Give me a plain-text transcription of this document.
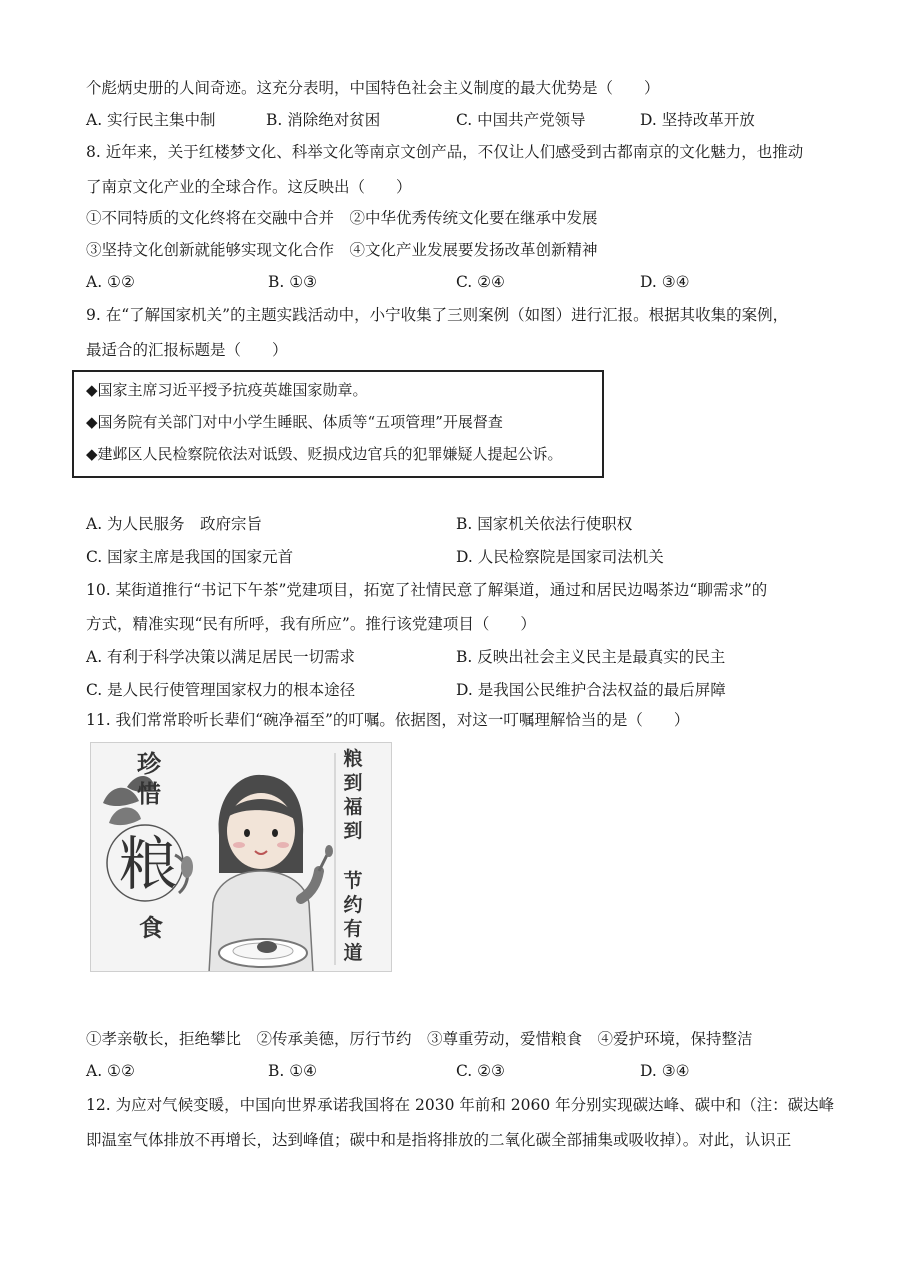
个彪炳史册的人间奇迹。这充分表明，中国特色社会主义制度的最大优势是（　　）
A. 实行民主集中制	B. 消除绝对贫困	C. 中国共产党领导	D. 坚持改革开放
8. 近年来，关于红楼梦文化、科举文化等南京文创产品，不仅让人们感受到古都南京的文化魅力，也推动
了南京文化产业的全球合作。这反映出（　　）
①不同特质的文化终将在交融中合并　②中华优秀传统文化要在继承中发展
③坚持文化创新就能够实现文化合作　④文化产业发展要发扬改革创新精神
A. ①②	B. ①③	C. ②④	D. ③④
9. 在“了解国家机关”的主题实践活动中，小宁收集了三则案例（如图）进行汇报。根据其收集的案例，
最适合的汇报标题是（　　）
◆国家主席习近平授予抗疫英雄国家勋章。
◆国务院有关部门对中小学生睡眠、体质等“五项管理”开展督查
◆建邺区人民检察院依法对诋毁、贬损戍边官兵的犯罪嫌疑人提起公诉。
A. 为人民服务　政府宗旨	B. 国家机关依法行使职权
C. 国家主席是我国的国家元首	D. 人民检察院是国家司法机关
10. 某街道推行“书记下午茶”党建项目，拓宽了社情民意了解渠道，通过和居民边喝茶边“聊需求”的
方式，精准实现“民有所呼，我有所应”。推行该党建项目（　　）
A. 有利于科学决策以满足居民一切需求	B. 反映出社会主义民主是最真实的民主
C. 是人民行使管理国家权力的根本途径	D. 是我国公民维护合法权益的最后屏障
11. 我们常常聆听长辈们“碗净福至”的叮嘱。依据图，对这一叮嘱理解恰当的是（　　）
珍
惜
粮
食
粮
到
福
到
节
约
有
道
①孝亲敬长，拒绝攀比　②传承美德，厉行节约　③尊重劳动，爱惜粮食　④爱护环境，保持整洁
A. ①②	B. ①④	C. ②③	D. ③④
12. 为应对气候变暖，中国向世界承诺我国将在 2030 年前和 2060 年分别实现碳达峰、碳中和（注：碳达峰
即温室气体排放不再增长，达到峰值；碳中和是指将排放的二氧化碳全部捕集或吸收掉）。对此，认识正
